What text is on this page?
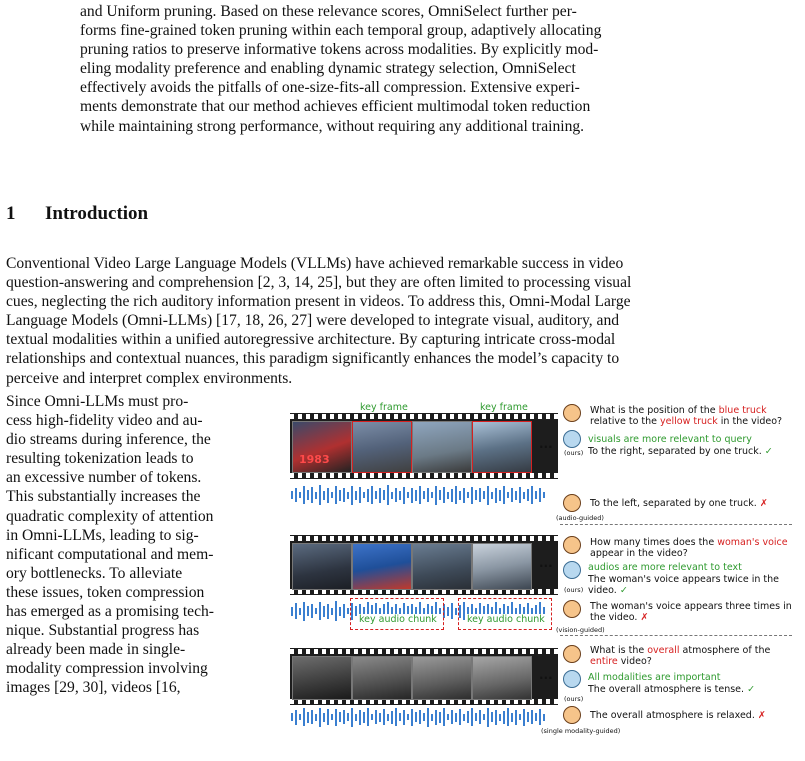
and Uniform pruning. Based on these relevance scores, OmniSelect further per-
forms fine-grained token pruning within each temporal group, adaptively allocating
pruning ratios to preserve informative tokens across modalities. By explicitly mod-
eling modality preference and enabling dynamic strategy selection, OmniSelect
effectively avoids the pitfalls of one-size-fits-all compression. Extensive experi-
ments demonstrate that our method achieves efficient multimodal token reduction
while maintaining strong performance, without requiring any additional training.
1 Introduction
Conventional Video Large Language Models (VLLMs) have achieved remarkable success in video
question-answering and comprehension [2, 3, 14, 25], but they are often limited to processing visual
cues, neglecting the rich auditory information present in videos. To address this, Omni-Modal Large
Language Models (Omni-LLMs) [17, 18, 26, 27] were developed to integrate visual, auditory, and
textual modalities within a unified autoregressive architecture. By capturing intricate cross-modal
relationships and contextual nuances, this paradigm significantly enhances the model’s capacity to
perceive and interpret complex environments.
Since Omni-LLMs must pro-
cess high-fidelity video and au-
dio streams during inference, the
resulting tokenization leads to
an excessive number of tokens.
This substantially increases the
quadratic complexity of attention
in Omni-LLMs, leading to sig-
nificant computational and mem-
ory bottlenecks. To alleviate
these issues, token compression
has emerged as a promising tech-
nique. Substantial progress has
already been made in single-
modality compression involving
images [29, 30], videos [16,
key frame	key frame
1983
...
What is the position of the blue truck relative to the yellow truck in the video?
visuals are more relevant to query
(ours) To the right, separated by one truck. ✓
To the left, separated by one truck. ✗
(audio-guided)
...
key audio chunk	key audio chunk
How many times does the woman's voice appear in the video?
audios are more relevant to text
(ours)
The woman's voice appears twice in the video. ✓
The woman's voice appears three times in the video. ✗
(vision-guided)
...
What is the overall atmosphere of the entire video?
All modalities are important
(ours)
The overall atmosphere is tense. ✓
The overall atmosphere is relaxed. ✗
(single modality-guided)
